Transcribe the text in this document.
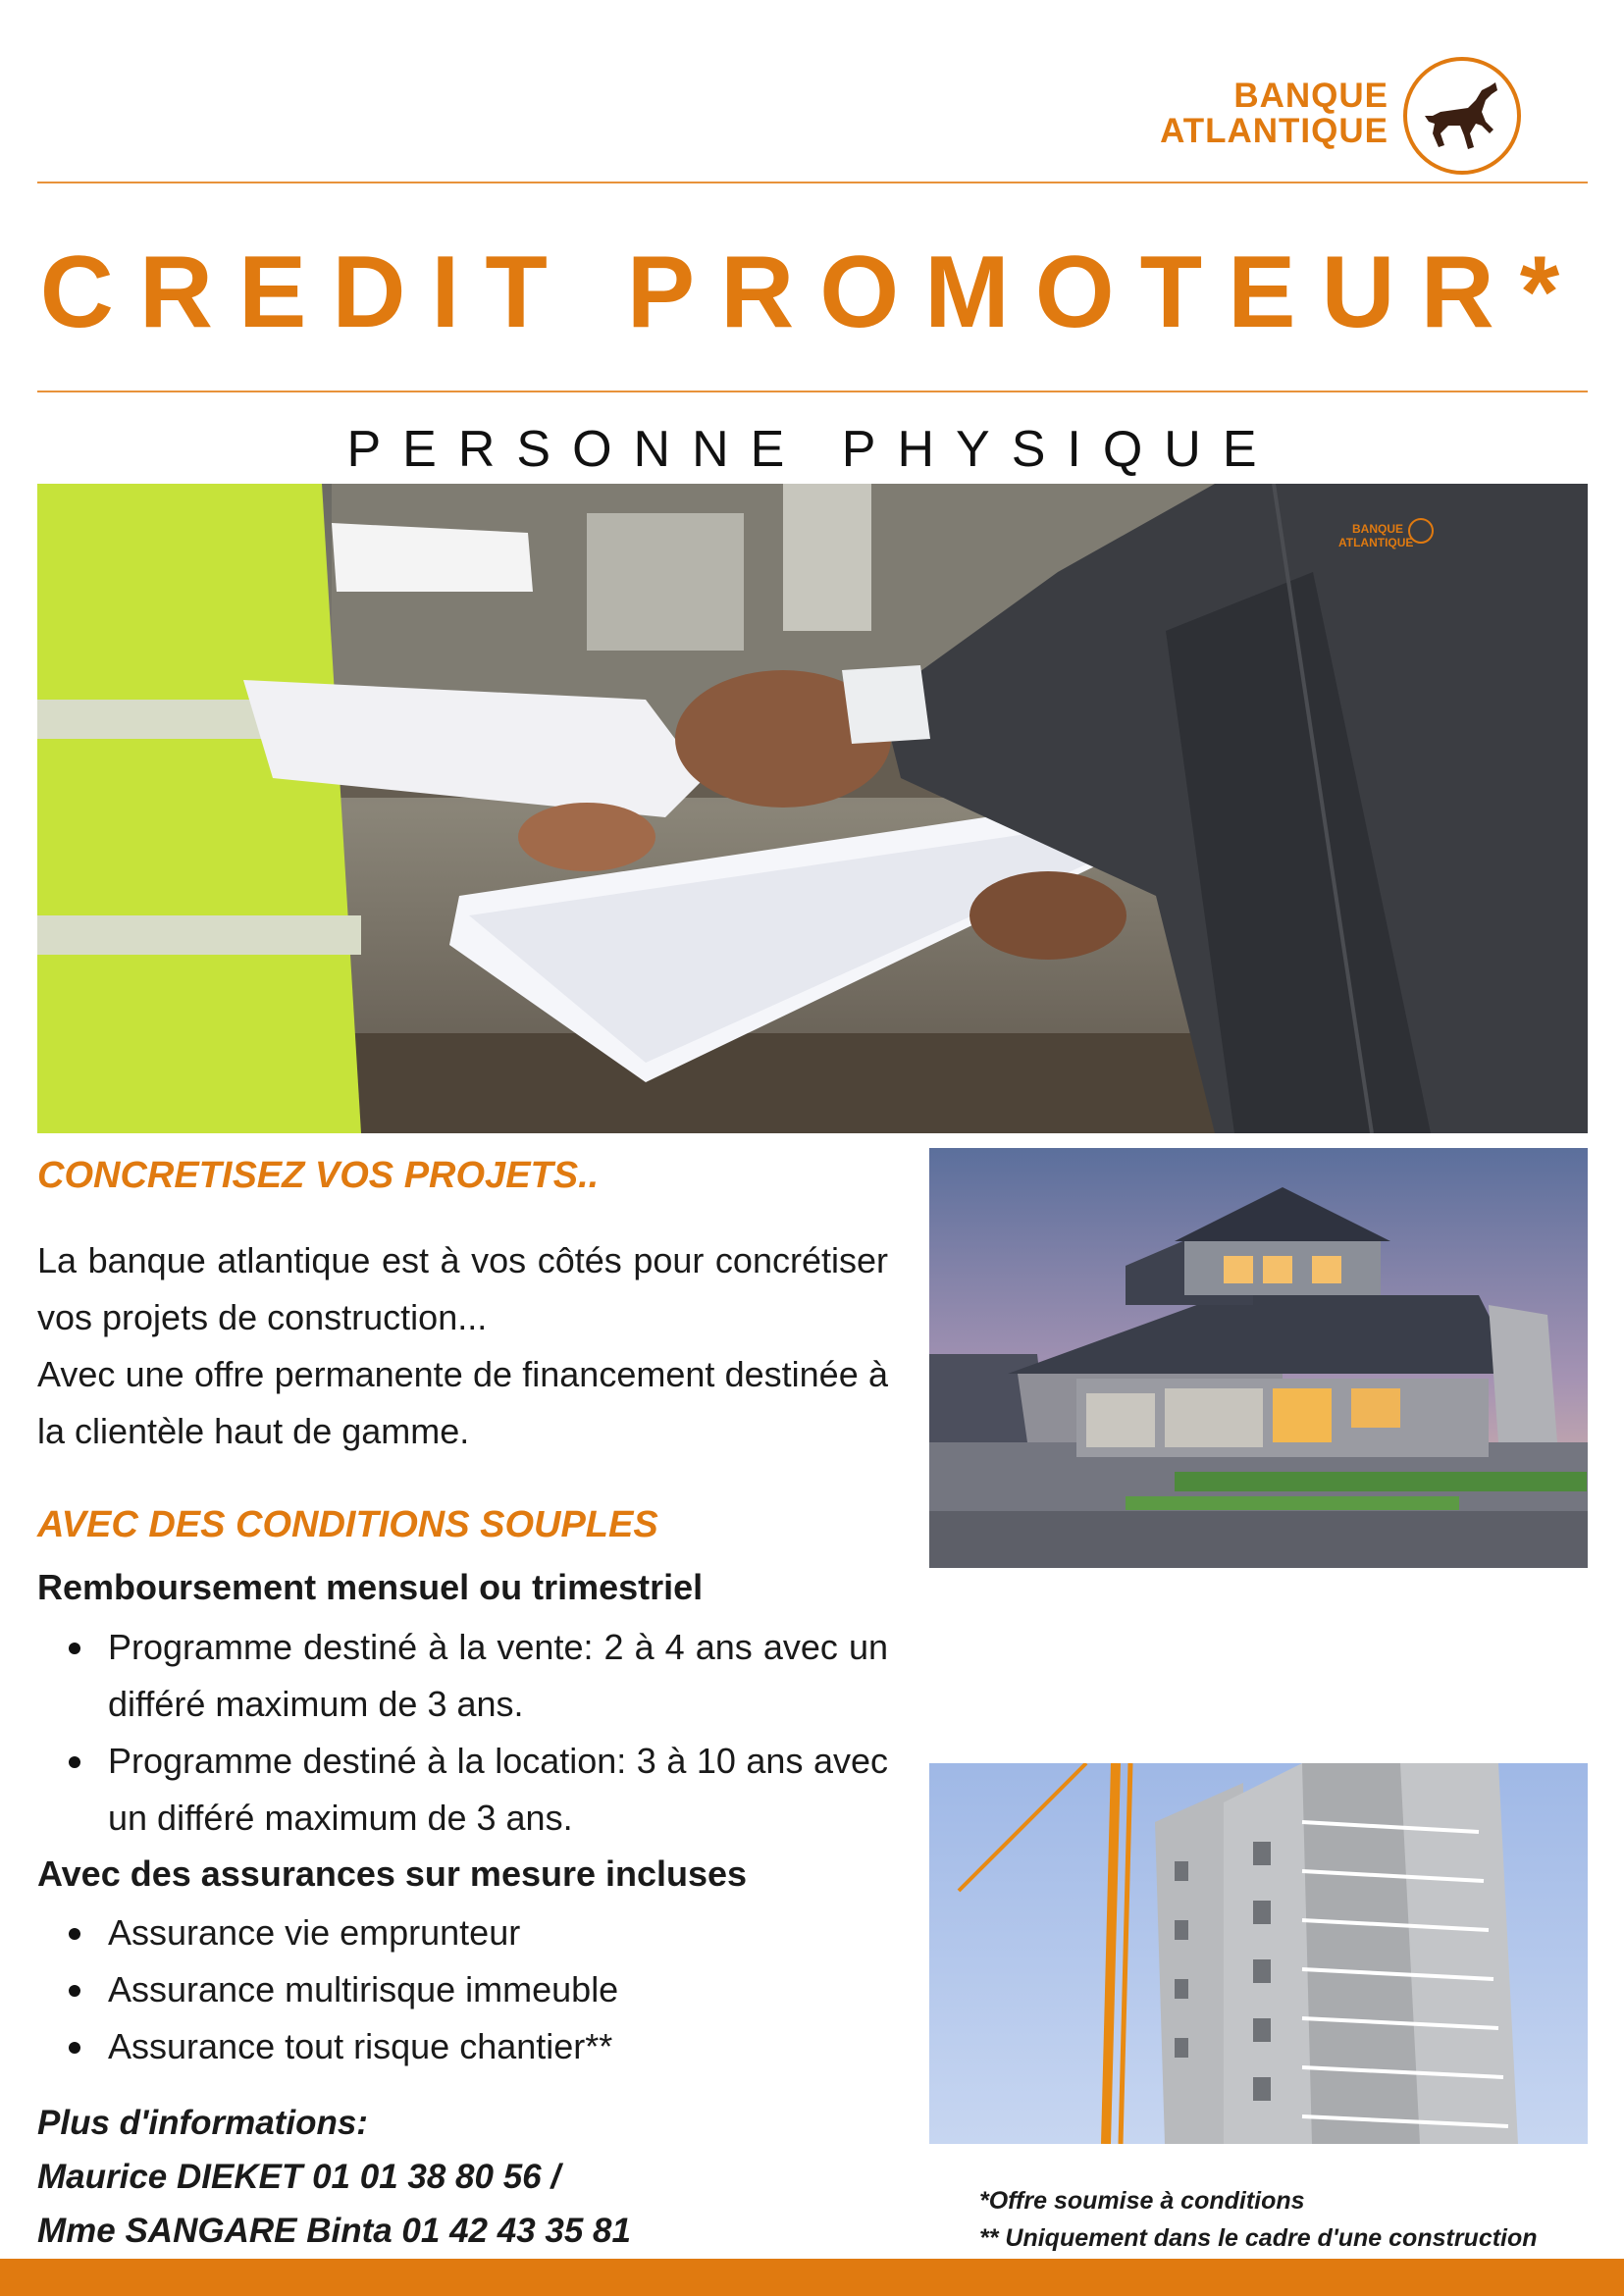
BANQUE
ATLANTIQUE
CREDIT PROMOTEUR*
PERSONNE PHYSIQUE
BANQUE
ATLANTIQUE
CONCRETISEZ VOS PROJETS..

La banque atlantique est à vos côtés pour concrétiser vos projets de construction...

Avec une offre permanente de financement destinée à la clientèle haut de gamme.

AVEC DES CONDITIONS SOUPLES
Remboursement mensuel ou trimestriel
Programme destiné à la vente: 2 à 4 ans avec un différé maximum de 3 ans.
Programme destiné à la location: 3 à 10 ans avec un différé maximum de 3 ans.
Avec des assurances sur mesure incluses
Assurance vie emprunteur
Assurance multirisque immeuble
Assurance tout risque chantier**
Plus d'informations:
Maurice DIEKET 01 01 38 80 56 /
Mme SANGARE Binta 01 42 43 35 81
*Offre soumise à conditions
** Uniquement dans le cadre d'une construction
